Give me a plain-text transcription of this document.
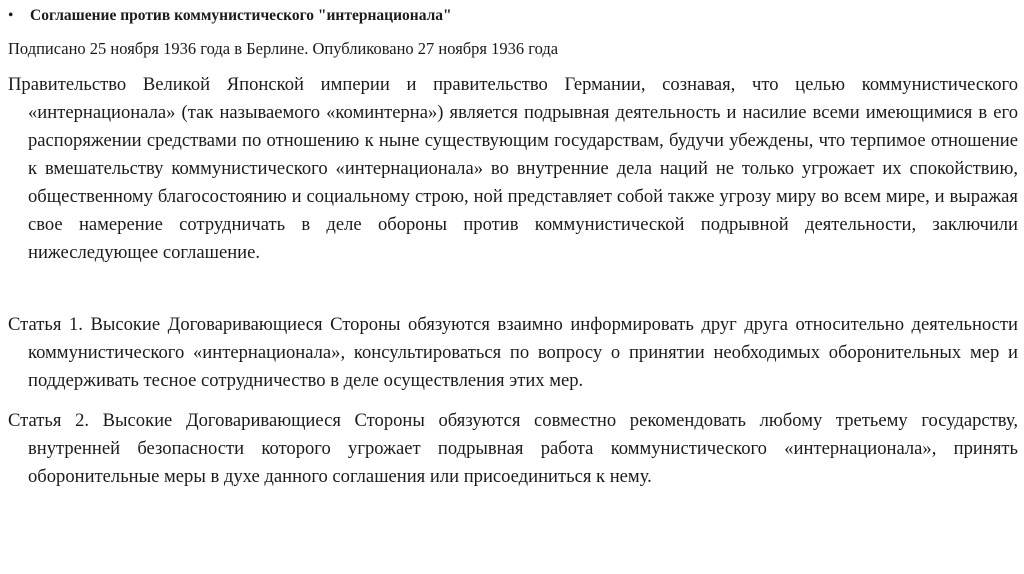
• Соглашение против коммунистического "интернационала"
Подписано 25 ноября 1936 года в Берлине. Опубликовано 27 ноября 1936 года
Правительство Великой Японской империи и правительство Германии, сознавая, что целью коммунистического «интернационала» (так называемого «коминтерна») является подрывная деятельность и насилие всеми имеющимися в его распоряжении средствами по отношению к ныне существующим государствам, будучи убеждены, что терпимое отношение к вмешательству коммунистического «интернационала» во внутренние дела наций не только угрожает их спокойствию, общественному благосостоянию и социальному строю, ной представляет собой также угрозу миру во всем мире, и выражая свое намерение сотрудничать в деле обороны против коммунистической подрывной деятельности, заключили нижеследующее соглашение.
Статья 1. Высокие Договаривающиеся Стороны обязуются взаимно информировать друг друга относительно деятельности коммунистического «интернационала», консультироваться по вопросу о принятии необходимых оборонительных мер и поддерживать тесное сотрудничество в деле осуществления этих мер.
Статья 2. Высокие Договаривающиеся Стороны обязуются совместно рекомендовать любому третьему государству, внутренней безопасности которого угрожает подрывная работа коммунистического «интернационала», принять оборонительные меры в духе данного соглашения или присоединиться к нему.
